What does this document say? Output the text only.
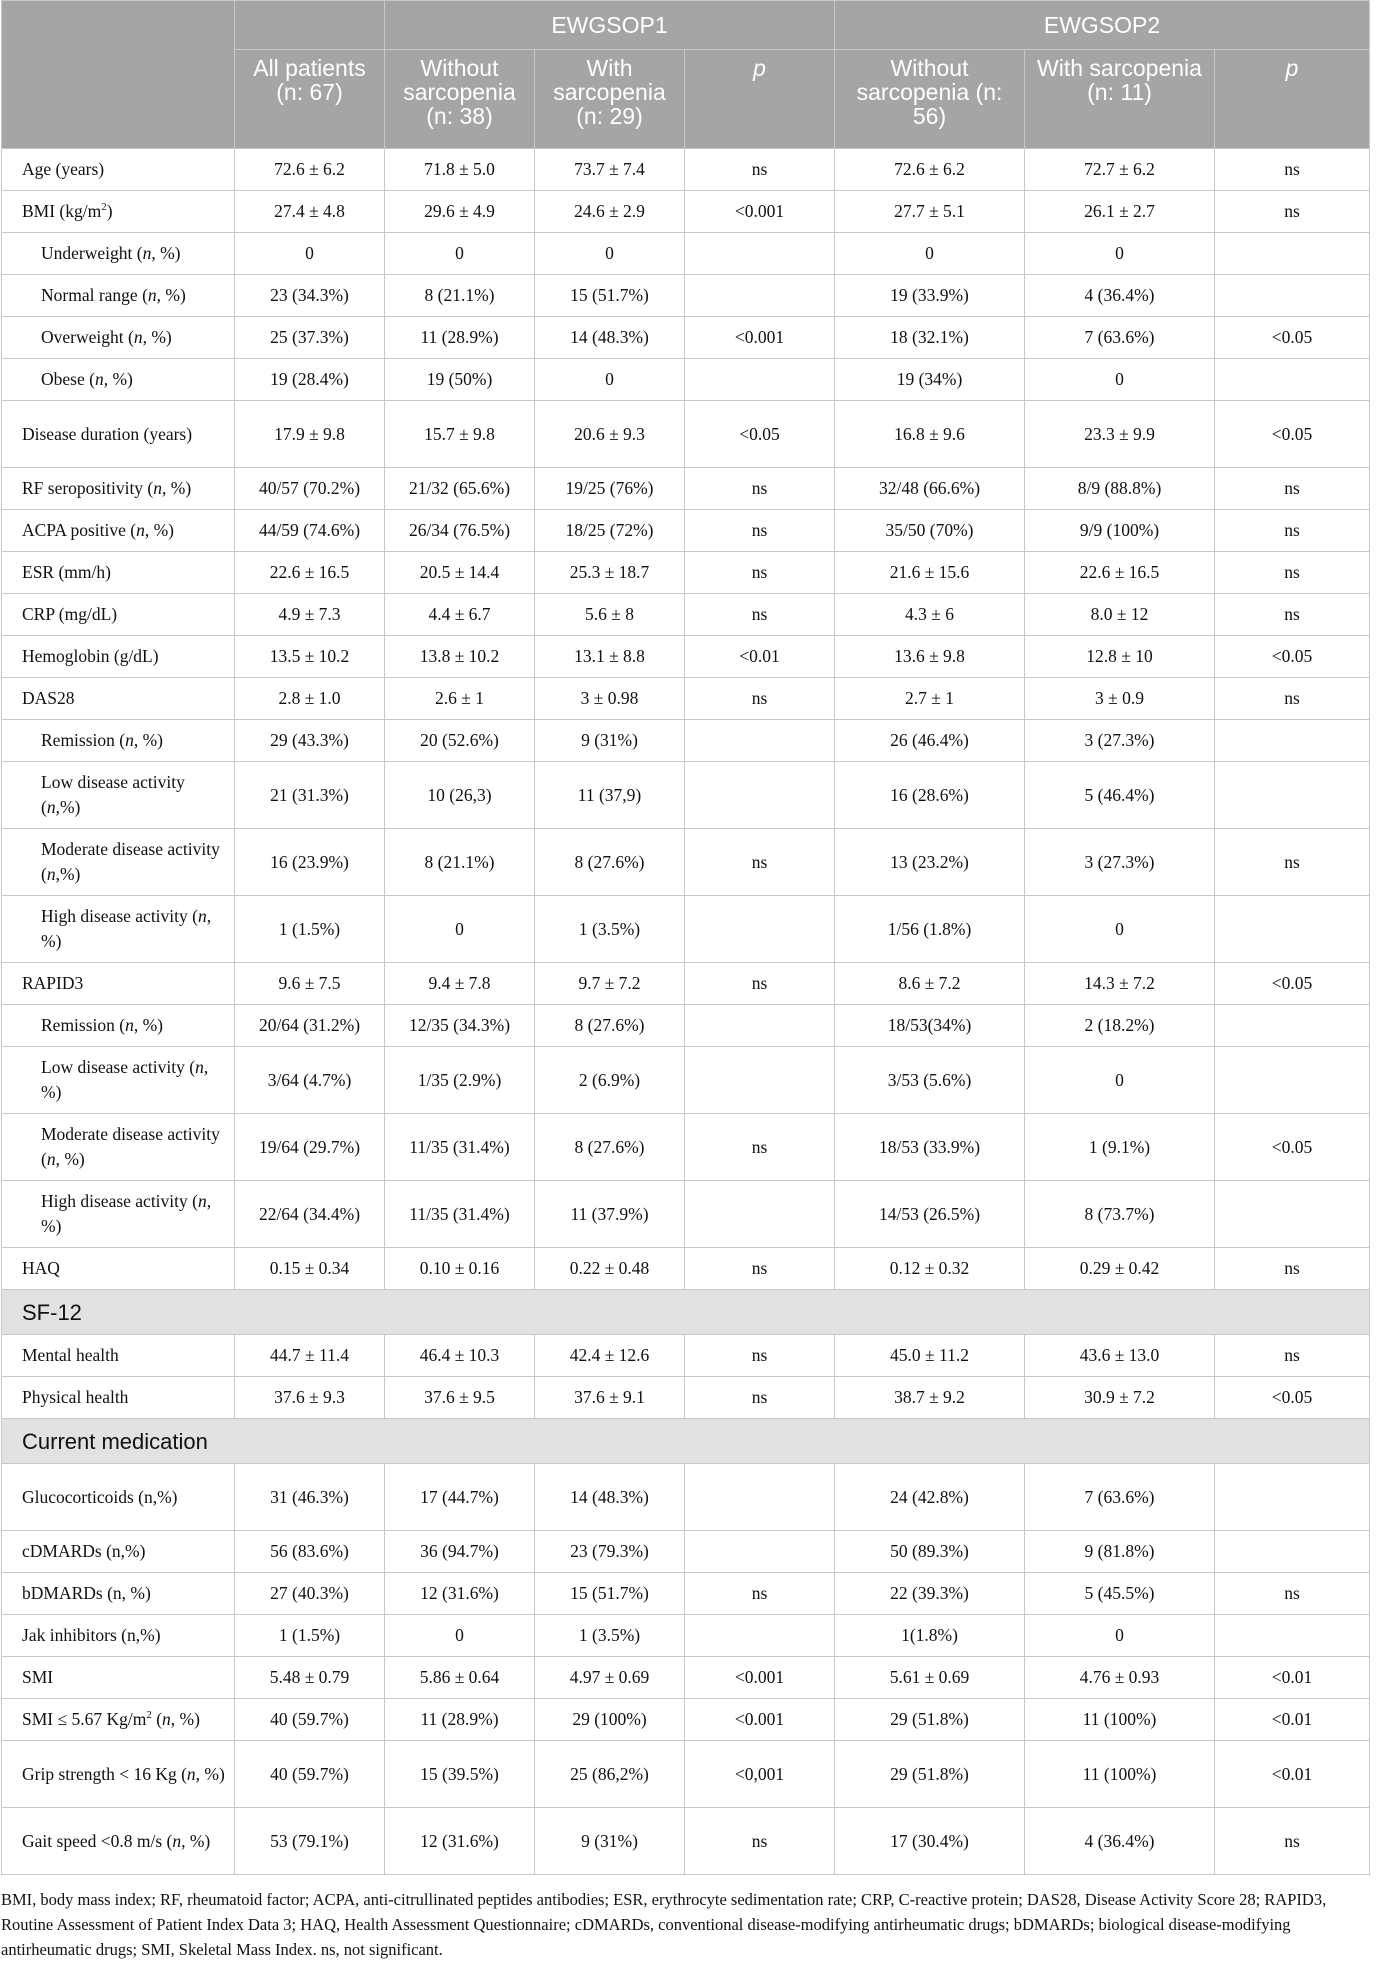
		EWGSOP1			EWGSOP2		
	All patients (n: 67)	Without sarcopenia (n: 38)	With sarcopenia (n: 29)	p	Without sarcopenia (n: 56)	With sarcopenia (n: 11)	p
Age (years)	72.6 ± 6.2	71.8 ± 5.0	73.7 ± 7.4	ns	72.6 ± 6.2	72.7 ± 6.2	ns
BMI $(kg/m^2)$	27.4 ± 4.8	29.6 ± 4.9	24.6 ± 2.9	<0.001	27.7 ± 5.1	26.1 ± 2.7	ns
Underweight (n, %)	0	0	0		0	0	
Normal range (n, %)	23 (34.3%)	8 (21.1%)	15 (51.7%)		19 (33.9%)	4 (36.4%)	
Overweight (n, %)	25 (37.3%)	11 (28.9%)	14 (48.3%)	<0.001	18 (32.1%)	7 (63.6%)	<0.05
Obese (n, %)	19 (28.4%)	19 (50%)	0		19 (34%)	0	
Disease duration (years)	17.9 ± 9.8	15.7 ± 9.8	20.6 ± 9.3	<0.05	16.8 ± 9.6	23.3 ± 9.9	<0.05
RF seropositivity (n, %)	40/57 (70.2%)	21/32 (65.6%)	19/25 (76%)	ns	32/48 (66.6%)	8/9 (88.8%)	ns
ACPA positive (n, %)	44/59 (74.6%)	26/34 (76.5%)	18/25 (72%)	ns	35/50 (70%)	9/9 (100%)	ns
ESR (mm/h)	22.6 ± 16.5	20.5 ± 14.4	25.3 ± 18.7	ns	21.6 ± 15.6	22.6 ± 16.5	ns
CRP (mg/dL)	4.9 ± 7.3	4.4 ± 6.7	5.6 ± 8	ns	4.3 ± 6	8.0 ± 12	ns
Hemoglobin (g/dL)	13.5 ± 10.2	13.8 ± 10.2	13.1 ± 8.8	<0.01	13.6 ± 9.8	12.8 ± 10	<0.05
DAS28	2.8 ± 1.0	2.6 ± 1	3 ± 0.98	ns	2.7 ± 1	3 ± 0.9	ns
Remission (n, %)	29 (43.3%)	20 (52.6%)	9 (31%)		26 (46.4%)	3 (27.3%)	
Low disease activity (n,%)	21 (31.3%)	10 (26,3)	11 (37,9)		16 (28.6%)	5 (46.4%)	
Moderate disease activity (n,%)	16 (23.9%)	8 (21.1%)	8 (27.6%)	ns	13 (23.2%)	3 (27.3%)	ns
High disease activity (n, %)	1 (1.5%)	0	1 (3.5%)		1/56 (1.8%)	0	
RAPID3	9.6 ± 7.5	9.4 ± 7.8	9.7 ± 7.2	ns	8.6 ± 7.2	14.3 ± 7.2	<0.05
Remission (n, %)	20/64 (31.2%)	12/35 (34.3%)	8 (27.6%)		18/53(34%)	2 (18.2%)	
Low disease activity (n, %)	3/64 (4.7%)	1/35 (2.9%)	2 (6.9%)		3/53 (5.6%)	0	
Moderate disease activity (n, %)	19/64 (29.7%)	11/35 (31.4%)	8 (27.6%)	ns	18/53 (33.9%)	1 (9.1%)	<0.05
High disease activity (n, %)	22/64 (34.4%)	11/35 (31.4%)	11 (37.9%)		14/53 (26.5%)	8 (73.7%)	
HAQ	0.15 ± 0.34	0.10 ± 0.16	0.22 ± 0.48	ns	0.12 ± 0.32	0.29 ± 0.42	ns
SF-12							
Mental health	44.7 ± 11.4	46.4 ± 10.3	42.4 ± 12.6	ns	45.0 ± 11.2	43.6 ± 13.0	ns
Physical health	37.6 ± 9.3	37.6 ± 9.5	37.6 ± 9.1	ns	38.7 ± 9.2	30.9 ± 7.2	<0.05
Current medication							
Glucocorticoids (n,%)	31 (46.3%)	17 (44.7%)	14 (48.3%)		24 (42.8%)	7 (63.6%)	
cDMARDs (n,%)	56 (83.6%)	36 (94.7%)	23 (79.3%)		50 (89.3%)	9 (81.8%)	
bDMARDs (n, %)	27 (40.3%)	12 (31.6%)	15 (51.7%)	ns	22 (39.3%)	5 (45.5%)	ns
Jak inhibitors (n,%)	1 (1.5%)	0	1 (3.5%)		1(1.8%)	0	
SMI	5.48 ± 0.79	5.86 ± 0.64	4.97 ± 0.69	<0.001	5.61 ± 0.69	4.76 ± 0.93	<0.01
SMI ≤ 5.67 $Kg/m^2$ (n, %)	40 (59.7%)	11 (28.9%)	29 (100%)	<0.001	29 (51.8%)	11 (100%)	<0.01
Grip strength < 16 Kg (n, %)	40 (59.7%)	15 (39.5%)	25 (86,2%)	<0,001	29 (51.8%)	11 (100%)	<0.01
Gait speed <0.8 m/s (n, %)	53 (79.1%)	12 (31.6%)	9 (31%)	ns	17 (30.4%)	4 (36.4%)	ns
BMI, body mass index; RF, rheumatoid factor; ACPA, anti-citrullinated peptides antibodies; ESR, erythrocyte sedimentation rate; CRP, C-reactive protein; DAS28, Disease Activity Score 28; RAPID3, Routine Assessment of Patient Index Data 3; HAQ, Health Assessment Questionnaire; cDMARDs, conventional disease-modifying antirheumatic drugs; bDMARDs; biological disease-modifying antirheumatic drugs; SMI, Skeletal Mass Index. ns, not significant.
